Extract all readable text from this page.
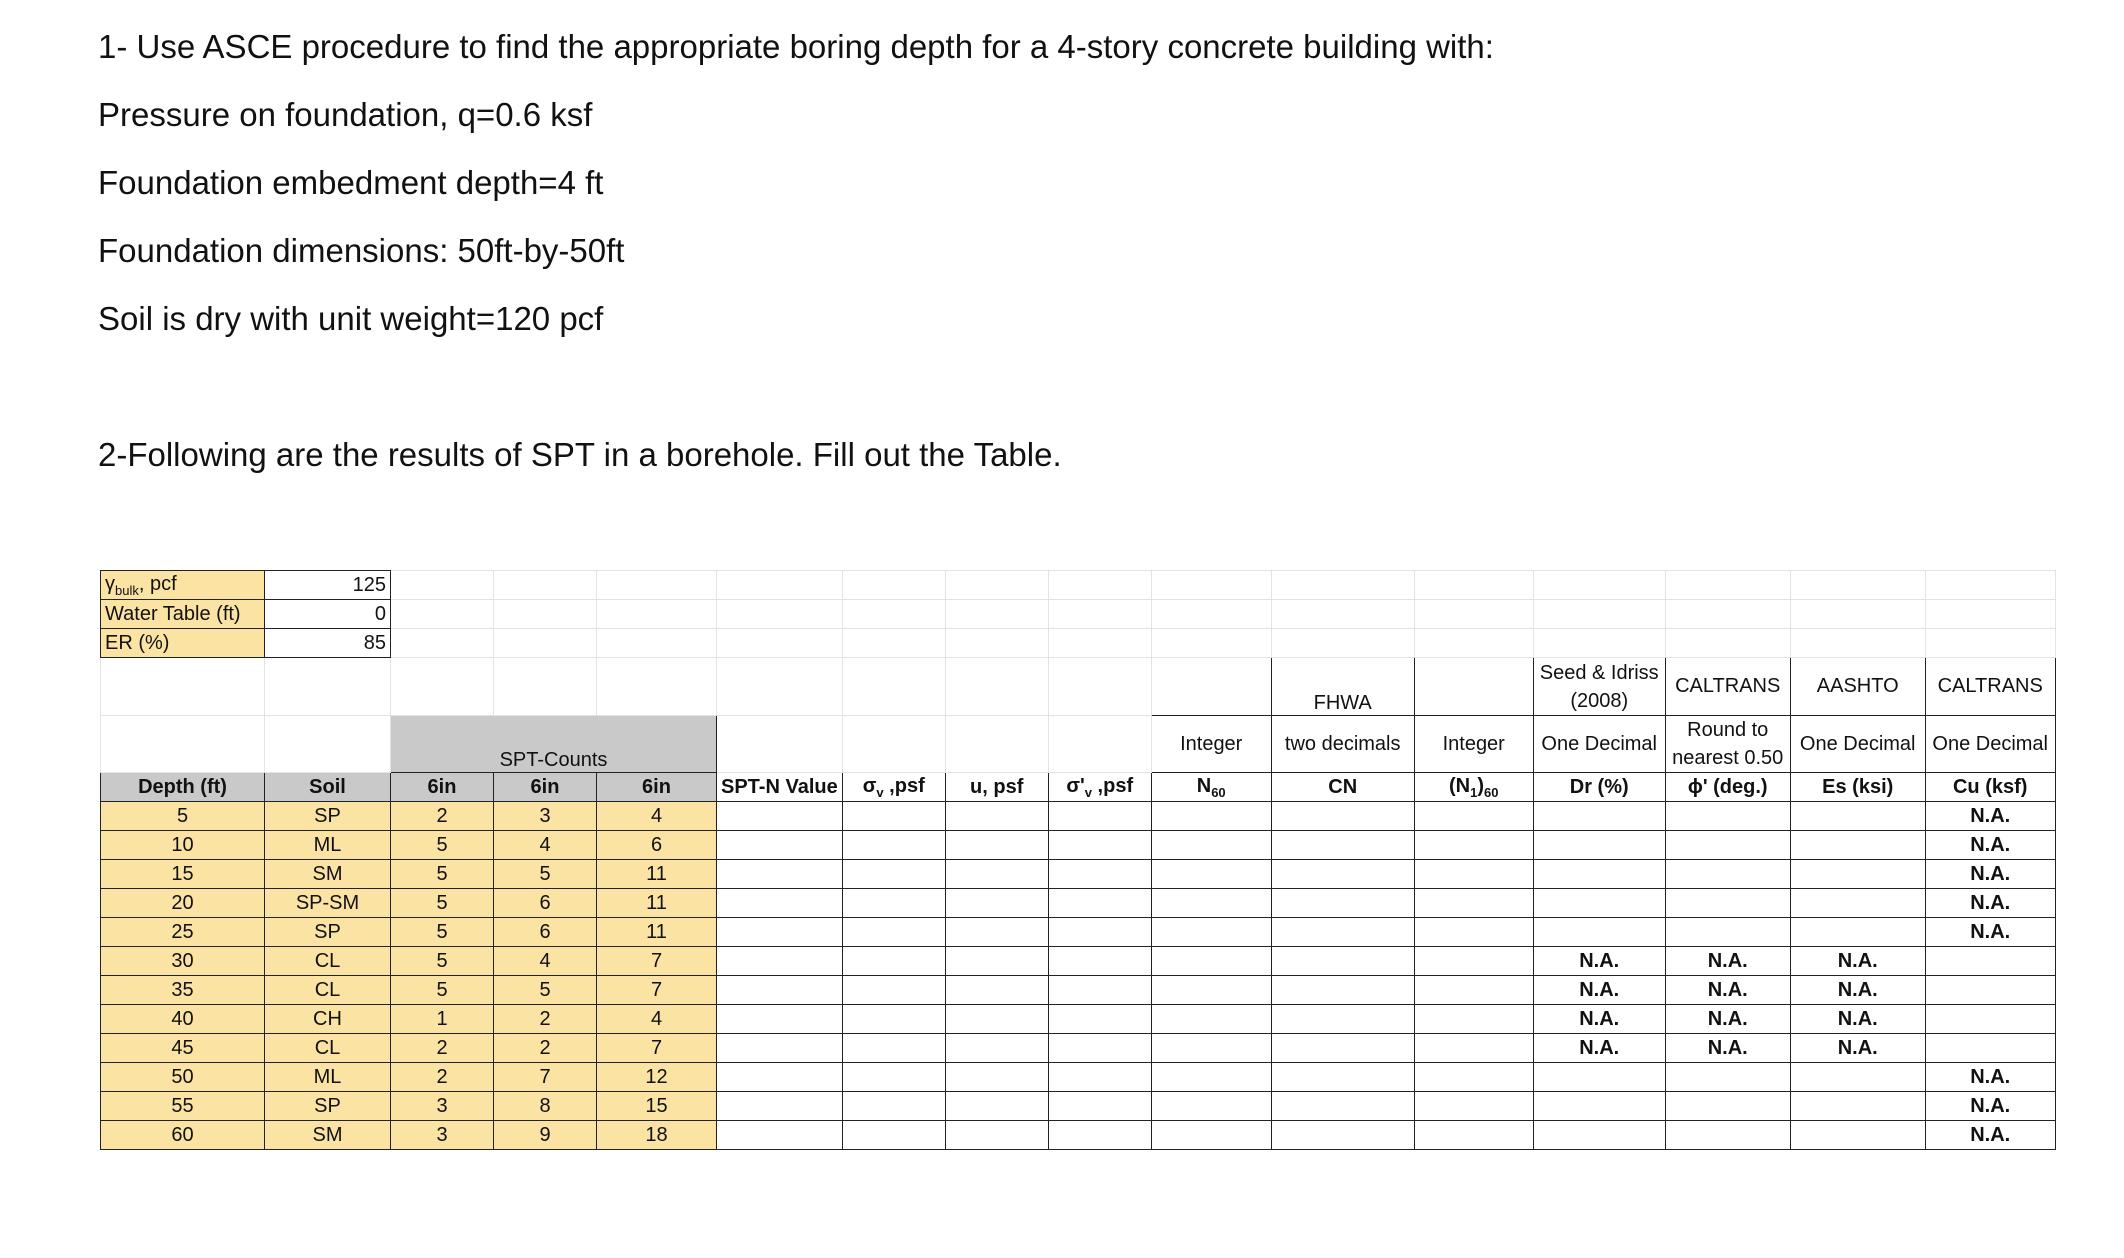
1- Use ASCE procedure to find the appropriate boring depth for a 4-story concrete building with:

Pressure on foundation, q=0.6 ksf

Foundation embedment depth=4 ft

Foundation dimensions: 50ft-by-50ft

Soil is dry with unit weight=120 pcf

2-Following are the results of SPT in a borehole. Fill out the Table.
$\gamma_{bulk}$, pcf	125														
Water Table (ft)	0														
ER (%)	85														
										FHWA		Seed & Idriss (2008)	CALTRANS	AASHTO	CALTRANS
		SPT-Counts							Integer	two decimals	Integer	One Decimal	Round to nearest 0.50	One Decimal	One Decimal
Depth (ft)	Soil	6in	6in	6in	SPT-N Value	$\sigma_v$ ,psf	u, psf	$\sigma'_v$ ,psf	$N_{60}$	CN	$(N_1)_{60}$	Dr (%)	ϕ' (deg.)	Es (ksi)	Cu (ksf)
5	SP	2	3	4											N.A.
10	ML	5	4	6											N.A.
15	SM	5	5	11											N.A.
20	SP-SM	5	6	11											N.A.
25	SP	5	6	11											N.A.
30	CL	5	4	7								N.A.	N.A.	N.A.	
35	CL	5	5	7								N.A.	N.A.	N.A.	
40	CH	1	2	4								N.A.	N.A.	N.A.	
45	CL	2	2	7								N.A.	N.A.	N.A.	
50	ML	2	7	12											N.A.
55	SP	3	8	15											N.A.
60	SM	3	9	18											N.A.
